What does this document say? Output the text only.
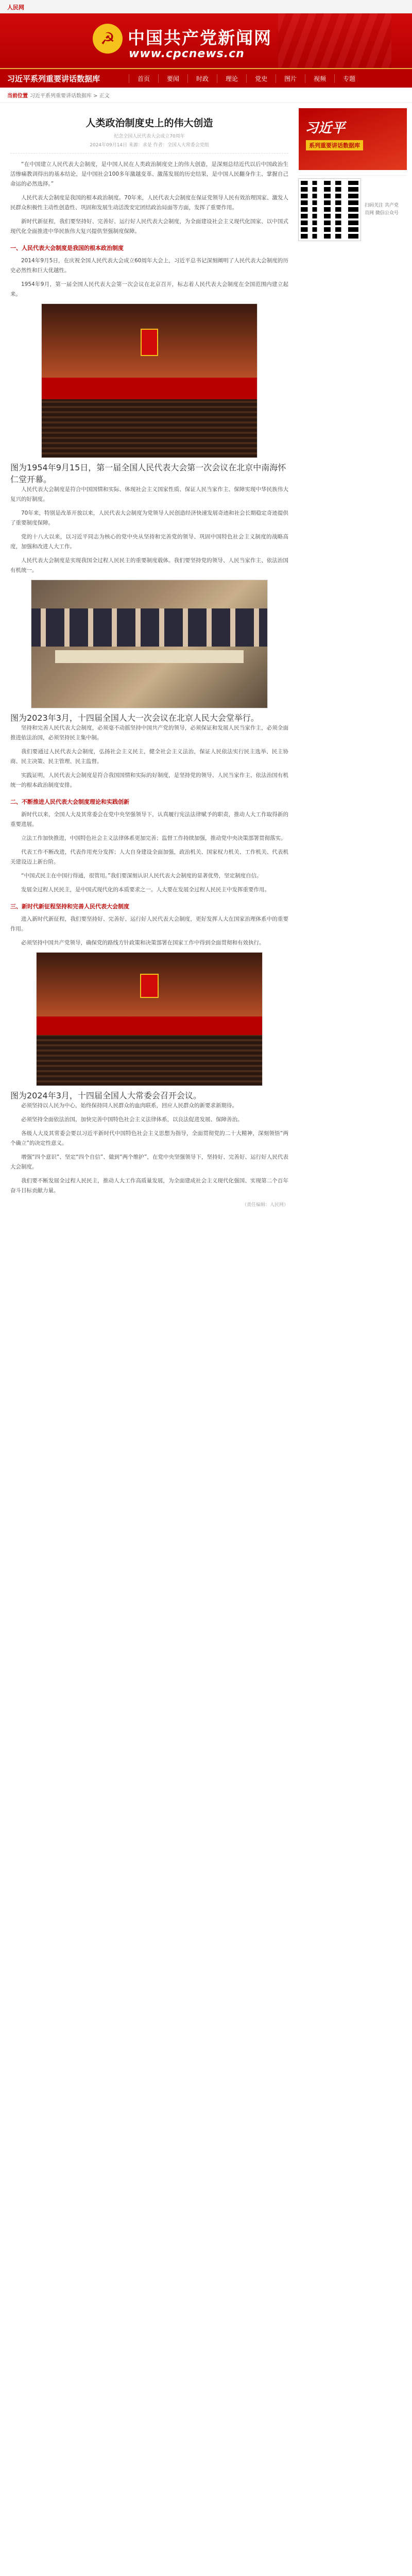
人民网
☭ 中国共产党新闻网
www.cpcnews.cn
习近平系列重要讲话数据库	首页	要闻	时政	理论	党史	图片	视频	专题
当前位置 习近平系列重要讲话数据库 > 正文
人类政治制度史上的伟大创造
纪念全国人民代表大会成立70周年
2024年09月14日 来源：求是 作者：全国人大常委会党组

“在中国建立人民代表大会制度，是中国人民在人类政治制度史上的伟大创造，是深刻总结近代以后中国政治生活惨痛教训得出的基本结论，是中国社会100多年激越变革、激荡发展的历史结果，是中国人民翻身作主、掌握自己命运的必然选择。”

人民代表大会制度是我国的根本政治制度。70年来，人民代表大会制度在保证党领导人民有效治理国家、激发人民群众积极性主动性创造性、巩固和发展生动活泼安定团结政治局面等方面，发挥了重要作用。

新时代新征程，我们要坚持好、完善好、运行好人民代表大会制度，为全面建设社会主义现代化国家、以中国式现代化全面推进中华民族伟大复兴提供坚强制度保障。

一、人民代表大会制度是我国的根本政治制度

2014年9月5日，在庆祝全国人民代表大会成立60周年大会上，习近平总书记深刻阐明了人民代表大会制度的历史必然性和巨大优越性。

1954年9月，第一届全国人民代表大会第一次会议在北京召开，标志着人民代表大会制度在全国范围内建立起来。

图为1954年9月15日，第一届全国人民代表大会第一次会议在北京中南海怀仁堂开幕。

人民代表大会制度是符合中国国情和实际、体现社会主义国家性质、保证人民当家作主、保障实现中华民族伟大复兴的好制度。

70年来，特别是改革开放以来，人民代表大会制度为党领导人民创造经济快速发展奇迹和社会长期稳定奇迹提供了重要制度保障。

党的十八大以来，以习近平同志为核心的党中央从坚持和完善党的领导、巩固中国特色社会主义制度的战略高度，加强和改进人大工作。

人民代表大会制度是实现我国全过程人民民主的重要制度载体。我们要坚持党的领导、人民当家作主、依法治国有机统一。

图为2023年3月，十四届全国人大一次会议在北京人民大会堂举行。

坚持和完善人民代表大会制度，必须毫不动摇坚持中国共产党的领导，必须保证和发展人民当家作主，必须全面推进依法治国，必须坚持民主集中制。

我们要通过人民代表大会制度，弘扬社会主义民主，健全社会主义法治，保证人民依法实行民主选举、民主协商、民主决策、民主管理、民主监督。

实践证明，人民代表大会制度是符合我国国情和实际的好制度，是坚持党的领导、人民当家作主、依法治国有机统一的根本政治制度安排。

二、不断推进人民代表大会制度理论和实践创新

新时代以来，全国人大及其常委会在党中央坚强领导下，认真履行宪法法律赋予的职责，推动人大工作取得新的重要进展。

立法工作加快推进，中国特色社会主义法律体系更加完善；监督工作持续加强，推动党中央决策部署贯彻落实。

代表工作不断改进，代表作用充分发挥；人大自身建设全面加强，政治机关、国家权力机关、工作机关、代表机关建设迈上新台阶。

“中国式民主在中国行得通，很管用。”我们要深刻认识人民代表大会制度的显著优势，坚定制度自信。

发展全过程人民民主，是中国式现代化的本质要求之一。人大要在发展全过程人民民主中发挥重要作用。

三、新时代新征程坚持和完善人民代表大会制度

进入新时代新征程，我们要坚持好、完善好、运行好人民代表大会制度，更好发挥人大在国家治理体系中的重要作用。

必须坚持中国共产党领导，确保党的路线方针政策和决策部署在国家工作中得到全面贯彻和有效执行。

图为2024年3月，十四届全国人大常委会召开会议。

必须坚持以人民为中心，始终保持同人民群众的血肉联系，回应人民群众的新要求新期待。

必须坚持全面依法治国，加快完善中国特色社会主义法律体系，以良法促进发展、保障善治。

各级人大及其常委会要以习近平新时代中国特色社会主义思想为指导，全面贯彻党的二十大精神，深刻领悟“两个确立”的决定性意义。

增强“四个意识”、坚定“四个自信”、做到“两个维护”，在党中央坚强领导下，坚持好、完善好、运行好人民代表大会制度。

我们要不断发展全过程人民民主，推动人大工作高质量发展，为全面建成社会主义现代化强国、实现第二个百年奋斗目标贡献力量。

（责任编辑：人民网）
习近平
系列重要讲话数据库
扫码关注 共产党员网 微信公众号
